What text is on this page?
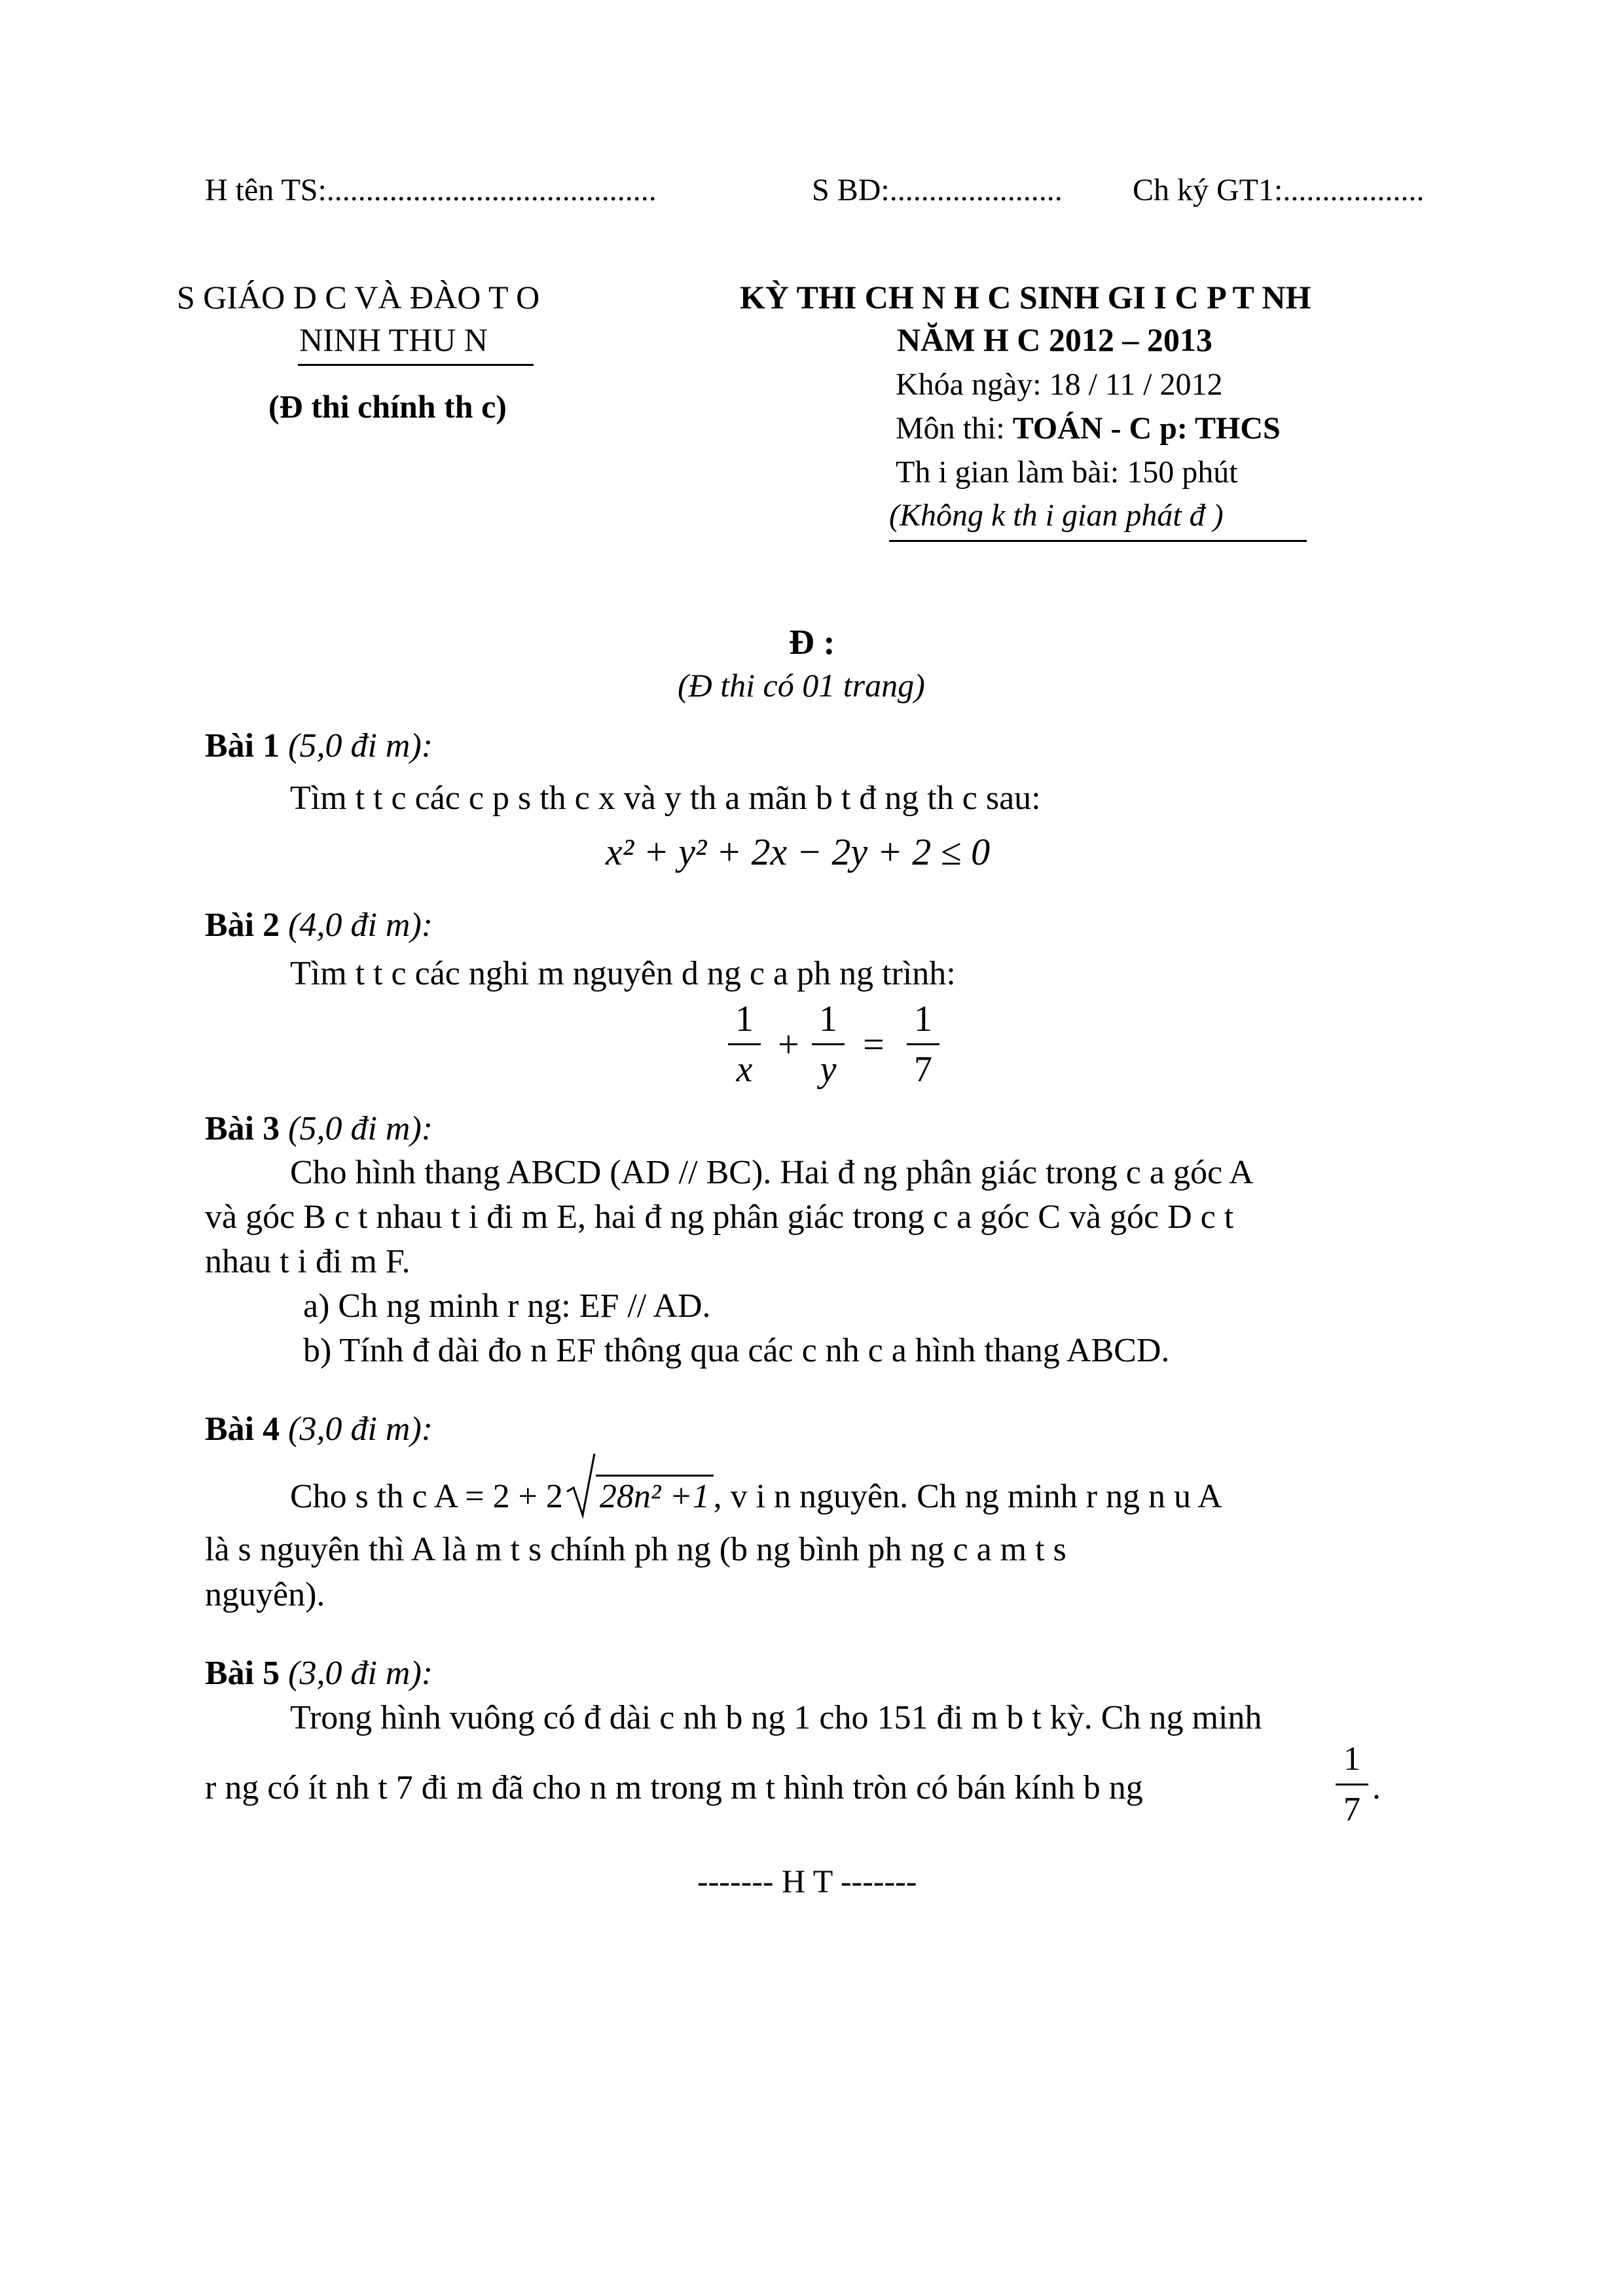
H tên TS:..........................................	S BD:...................... Ch ký GT1:..................
S GIÁO D C VÀ ĐÀO T O
NINH THU N
(Đ thi chính th c)
KỲ THI CH N H C SINH GI I C P T NH
NĂM H C 2012 – 2013
Khóa ngày: 18 / 11 / 2012
Môn thi: TOÁN - C p: THCS
Th i gian làm bài: 150 phút
(Không k th i gian phát đ )
Đ :
(Đ thi có 01 trang)
Bài 1 (5,0 đi m):
Tìm t t c các c p s th c x và y th a mãn b t đ ng th c sau:
x² + y² + 2x − 2y + 2 ≤ 0
Bài 2 (4,0 đi m):
Tìm t t c các nghi m nguyên d ng c a ph ng trình:
1
x
+
1
y
=
1
7
Bài 3 (5,0 đi m):
Cho hình thang ABCD (AD // BC). Hai đ ng phân giác trong c a góc A
và góc B c t nhau t i đi m E, hai đ ng phân giác trong c a góc C và góc D c t
nhau t i đi m F.
a) Ch ng minh r ng: EF // AD.
b) Tính đ dài đo n EF thông qua các c nh c a hình thang ABCD.
Bài 4 (3,0 đi m):
Cho s th c A = 2 + 2 28n² +1 , v i n nguyên. Ch ng minh r ng n u A
là s nguyên thì A là m t s chính ph ng (b ng bình ph ng c a m t s
nguyên).
Bài 5 (3,0 đi m):
Trong hình vuông có đ dài c nh b ng 1 cho 151 đi m b t kỳ. Ch ng minh
r ng có ít nh t 7 đi m đã cho n m trong m t hình tròn có bán kính b ng
1
7
.
------- H T -------
